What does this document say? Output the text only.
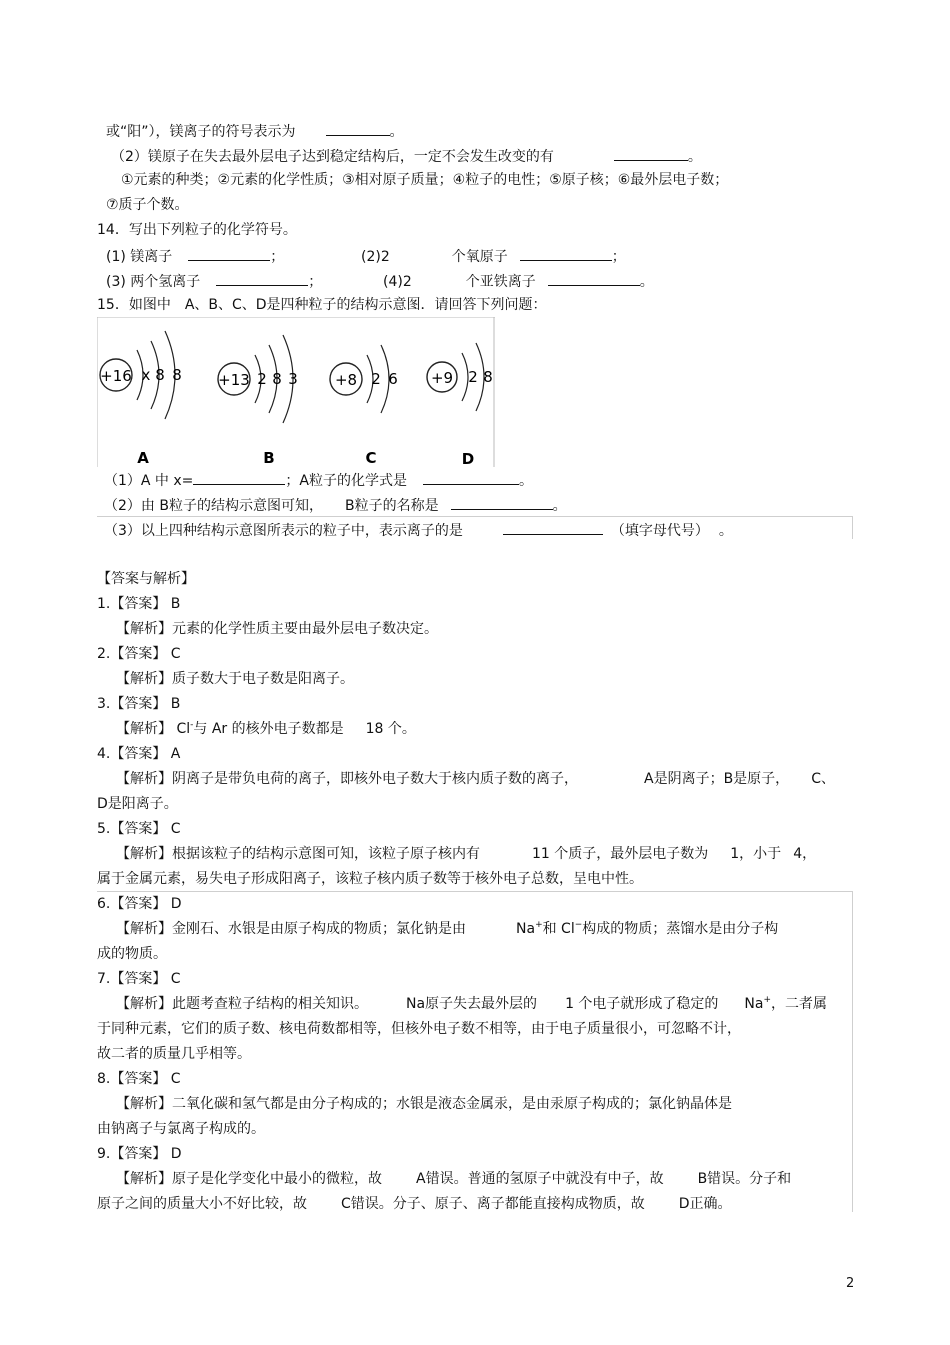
或“阳”），镁离子的符号表示为	。
（2）镁原子在失去最外层电子达到稳定结构后，一定不会发生改变的有	。
①元素的种类；②元素的化学性质；③相对原子质量；④粒子的电性；⑤原子核；⑥最外层电子数；
⑦质子个数。
14．写出下列粒子的化学符号。
(1) 镁离子	；	(2)2	个氧原子	；
(3) 两个氢离子	；	(4)2	个亚铁离子	。
15．如图中　A、B、C、D是四种粒子的结构示意图．请回答下列问题：
+16 x 8 8
A
+13 2 8 3
B
+8 2 6
C
+9 2 8
D
（1）A 中 x=	；A粒子的化学式是	。
（2）由 B粒子的结构示意图可知， B粒子的名称是	。
（3）以上四种结构示意图所表示的粒子中，表示离子的是	（填字母代号） 。
【答案与解析】
1.【答案】 B
【解析】元素的化学性质主要由最外层电子数决定。
2.【答案】 C
【解析】质子数大于电子数是阳离子。
3.【答案】 B
【解析】 Cl-与 Ar 的核外电子数都是 18 个。
4.【答案】 A
【解析】阴离子是带负电荷的离子，即核外电子数大于核内质子数的离子，	A是阴离子；B是原子， C、
D是阳离子。
5.【答案】 C
【解析】根据该粒子的结构示意图可知，该粒子原子核内有	11 个质子，最外层电子数为 1，小于 4，
属于金属元素，易失电子形成阳离子，该粒子核内质子数等于核外电子总数，呈电中性。
6.【答案】 D
【解析】金刚石、水银是由原子构成的物质；氯化钠是由	Na+和 Cl−构成的物质；蒸馏水是由分子构
成的物质。
7.【答案】 C
【解析】此题考查粒子结构的相关知识。	Na原子失去最外层的 1 个电子就形成了稳定的 Na+，二者属
于同种元素，它们的质子数、核电荷数都相等，但核外电子数不相等，由于电子质量很小，可忽略不计，
故二者的质量几乎相等。
8.【答案】 C
【解析】二氧化碳和氢气都是由分子构成的；水银是液态金属汞，是由汞原子构成的；氯化钠晶体是
由钠离子与氯离子构成的。
9.【答案】 D
【解析】原子是化学变化中最小的微粒，故 A错误。普通的氢原子中就没有中子，故 B错误。分子和
原子之间的质量大小不好比较，故 C错误。分子、原子、离子都能直接构成物质，故 D正确。
2
